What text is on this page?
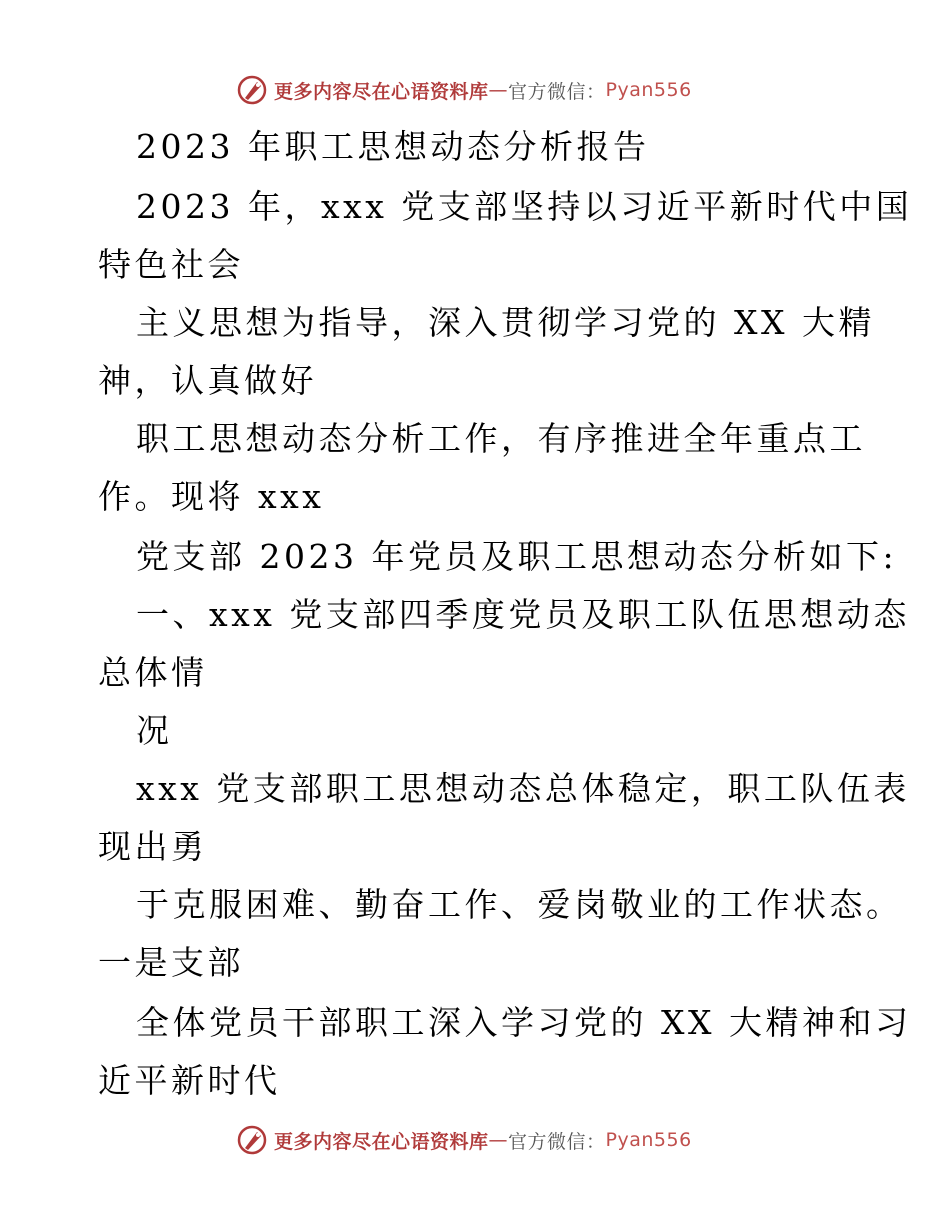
更多内容尽在心语资料库 — 官方微信： Pyan556
2023 年职工思想动态分析报告
2023 年，xxx 党支部坚持以习近平新时代中国
特色社会
主义思想为指导，深入贯彻学习党的 XX 大精
神，认真做好
职工思想动态分析工作，有序推进全年重点工
作。现将 xxx
党支部 2023 年党员及职工思想动态分析如下:
一、xxx 党支部四季度党员及职工队伍思想动态
总体情
况
xxx 党支部职工思想动态总体稳定，职工队伍表
现出勇
于克服困难、勤奋工作、爱岗敬业的工作状态。
一是支部
全体党员干部职工深入学习党的 XX 大精神和习
近平新时代
更多内容尽在心语资料库 — 官方微信： Pyan556
